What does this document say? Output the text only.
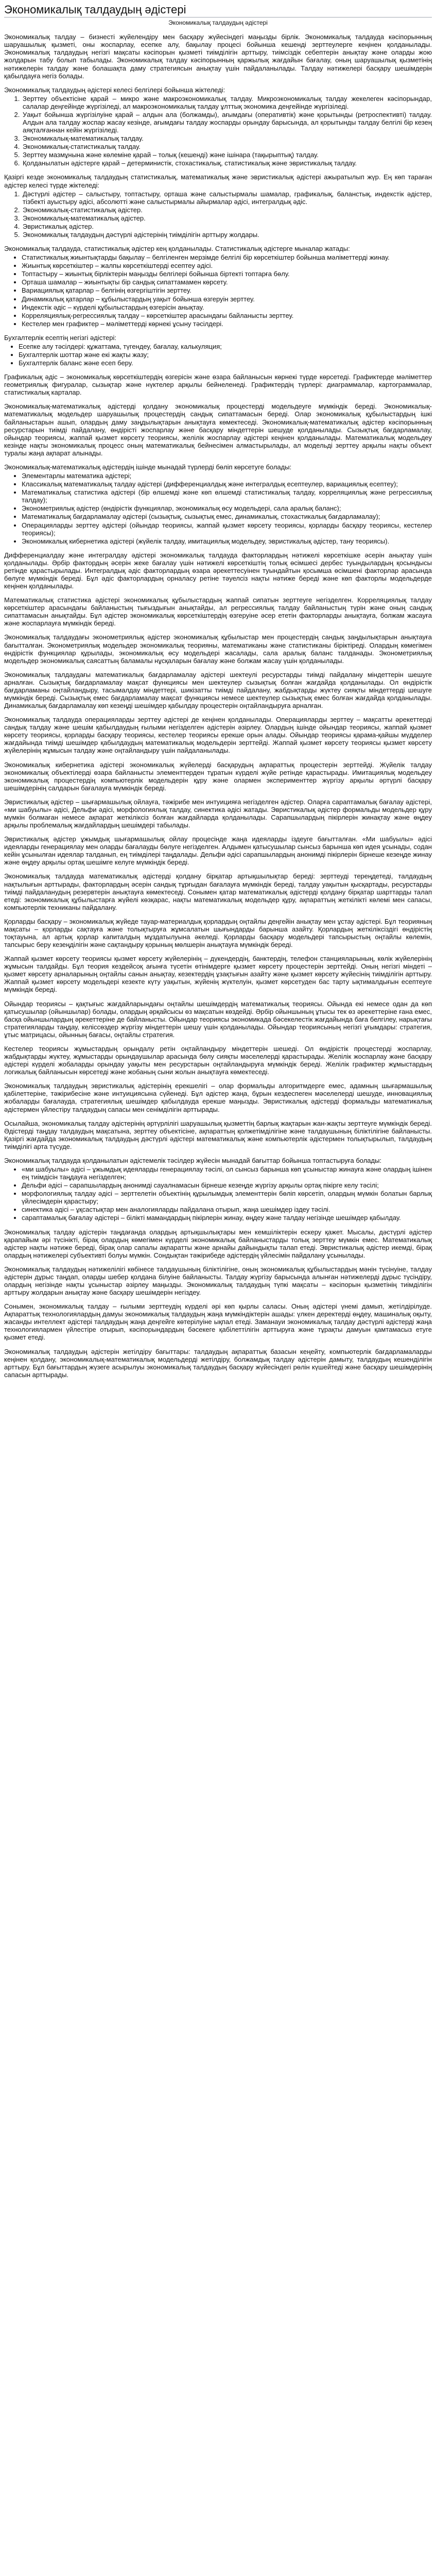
Экономикалық талдаудың әдістері
Экономикалық талдаудың әдістері

Экономикалық талдау – бизнесті жүйелендіру мен басқару жүйесіндегі маңызды бірлік. Экономикалық талдауда кәсіпорынның шаруашылық қызметі, оны жоспарлау, есепке алу, бақылау процесі бойынша кешенді зерттеулерге кеңінен қолданылады. Экономикалық талдаудың негізгі мақсаты кәсіпорын қызметі тиімділігін арттыру, тиімсіздік себептерін анықтау және оларды жою жолдарын табу болып табылады. Экономикалық талдау кәсіпорынның қаржылық жағдайын бағалау, оның шаруашылық қызметінің нәтижелерін талдау және болашақта даму стратегиясын анықтау үшін пайдаланылады. Талдау нәтижелері басқару шешімдерін қабылдауға негіз болады.

Экономикалық талдаудың әдістері келесі белгілері бойынша жіктеледі:

1. Зерттеу объектісіне қарай – микро және макроэкономикалық талдау. Микроэкономикалық талдау жекелеген кәсіпорындар, салалар деңгейінде жүргізіледі, ал макроэкономикалық талдау ұлттық экономика деңгейінде жүргізіледі.
2. Уақыт бойынша жүргізілуіне қарай – алдын ала (болжамды), ағымдағы (оперативтік) және қорытынды (ретроспективті) талдау. Алдын ала талдау жоспар жасау кезінде, ағымдағы талдау жоспарды орындау барысында, ал қорытынды талдау белгілі бір кезең аяқталғаннан кейін жүргізіледі.
3. Экономикалық-математикалық талдау.
4. Экономикалық-статистикалық талдау.
5. Зерттеу мазмұнына және көлеміне қарай – толық (кешенді) және ішінара (тақырыптық) талдау.
6. Қолданылатын әдістерге қарай – детерминистік, стохастикалық, статистикалық және эвристикалық талдау.

Қазіргі кезде экономикалық талдаудың статистикалық, математикалық және эвристикалық әдістері ажыратылып жүр. Ең көп тараған әдістер келесі түрде жіктеледі:

1. Дәстүрлі әдістер – салыстыру, топтастыру, орташа және салыстырмалы шамалар, графикалық, баланстық, индекстік әдістер, тізбекті ауыстыру әдісі, абсолютті және салыстырмалы айырмалар әдісі, интегралдық әдіс.
2. Экономикалық-статистикалық әдістер.
3. Экономикалық-математикалық әдістер.
4. Эвристикалық әдістер.
5. Экономикалық талдаудың дәстүрлі әдістерінің тиімділігін арттыру жолдары.

Экономикалық талдауда, статистикалық әдістер кең қолданылады. Статистикалық әдістерге мыналар жатады:

• Статистикалық жиынтықтарды бақылау – белгіленген мерзімде белгілі бір көрсеткіштер бойынша мәліметтерді жинау.
• Жиынтық көрсеткіштер – жалпы көрсеткіштерді есептеу әдісі.
• Топтастыру – жиынтық бірліктерін маңызды белгілері бойынша біртекті топтарға бөлу.
• Орташа шамалар – жиынтықты бір сандық сипаттамамен көрсету.
• Вариациялық қатарлар – белгінің өзгергіштігін зерттеу.
• Динамикалық қатарлар – құбылыстардың уақыт бойынша өзгеруін зерттеу.
• Индекстік әдіс – күрделі құбылыстардың өзгерісін анықтау.
• Корреляциялық-регрессиялық талдау – көрсеткіштер арасындағы байланысты зерттеу.
• Кестелер мен графиктер – мәліметтерді көрнекі ұсыну тәсілдері.

Бухгалтерлік есептің негізгі әдістері:

• Есепке алу тәсілдері: құжаттама, түгендеу, бағалау, калькуляция;
• Бухгалтерлік шоттар және екі жақты жазу;
• Бухгалтерлік баланс және есеп беру.

Графикалық әдіс – экономикалық көрсеткіштердің өзгерісін және өзара байланысын көрнекі түрде көрсетеді. Графиктерде мәліметтер геометриялық фигуралар, сызықтар және нүктелер арқылы бейнеленеді. Графиктердің түрлері: диаграммалар, картограммалар, статистикалық карталар.

Экономикалық-математикалық әдістерді қолдану экономикалық процестерді модельдеуге мүмкіндік береді. Экономикалық-математикалық модельдер шаруашылық процестердің сандық сипаттамасын береді. Олар экономикалық құбылыстардың ішкі байланыстарын ашып, олардың даму заңдылықтарын анықтауға көмектеседі. Экономикалық-математикалық әдістер кәсіпорынның ресурстарын тиімді пайдалану, өндірісті жоспарлау және басқару міндеттерін шешуде қолданылады. Сызықтық бағдарламалау, ойындар теориясы, жаппай қызмет көрсету теориясы, желілік жоспарлау әдістері кеңінен қолданылады. Математикалық модельдеу кезінде нақты экономикалық процесс оның математикалық бейнесімен алмастырылады, ал модельді зерттеу арқылы нақты объект туралы жаңа ақпарат алынады.

Экономикалық-математикалық әдістердің ішінде мынадай түрлерді бөліп көрсетуге болады:

• Элементарлы математика әдістері;
• Классикалық математикалық талдау әдістері (дифференциалдық және интегралдық есептеулер, вариациялық есептеу);
• Математикалық статистика әдістері (бір өлшемді және көп өлшемді статистикалық талдау, корреляциялық және регрессиялық талдау);
• Эконометриялық әдістер (өндірістік функциялар, экономикалық өсу модельдері, сала аралық баланс);
• Математикалық бағдарламалау әдістері (сызықтық, сызықтық емес, динамикалық, стохастикалық бағдарламалау);
• Операцияларды зерттеу әдістері (ойындар теориясы, жаппай қызмет көрсету теориясы, қорларды басқару теориясы, кестелер теориясы);
• Экономикалық кибернетика әдістері (жүйелік талдау, имитациялық модельдеу, эвристикалық әдістер, тану теориясы).

Дифференциалдау және интегралдау әдістері экономикалық талдауда факторлардың нәтижелі көрсеткішке әсерін анықтау үшін қолданылады. Әрбір фактордың әсерін жеке бағалау үшін нәтижелі көрсеткіштің толық өсімшесі дербес туындылардың қосындысы ретінде қарастырылады. Интегралдық әдіс факторлардың өзара әрекеттесуінен туындайтын қосымша өсімшені факторлар арасында бөлуге мүмкіндік береді. Бұл әдіс факторлардың орналасу ретіне тәуелсіз нақты нәтиже береді және көп факторлы модельдерде кеңінен қолданылады.

Математикалық статистика әдістері экономикалық құбылыстардың жаппай сипатын зерттеуге негізделген. Корреляциялық талдау көрсеткіштер арасындағы байланыстың тығыздығын анықтайды, ал регрессиялық талдау байланыстың түрін және оның сандық сипаттамасын анықтайды. Бұл әдістер экономикалық көрсеткіштердің өзгеруіне әсер ететін факторларды анықтауға, болжам жасауға және жоспарлауға мүмкіндік береді.

Экономикалық талдаудағы эконометриялық әдістер экономикалық құбылыстар мен процестердің сандық заңдылықтарын анықтауға бағытталған. Эконометриялық модельдер экономикалық теорияны, математиканы және статистиканы біріктіреді. Олардың көмегімен өндірістік функциялар құрылады, экономикалық өсу модельдері жасалады, сала аралық баланс талданады. Эконометриялық модельдер экономикалық саясаттың баламалы нұсқаларын бағалау және болжам жасау үшін қолданылады.

Экономикалық талдаудағы математикалық бағдарламалау әдістері шектеулі ресурстарды тиімді пайдалану міндеттерін шешуге арналған. Сызықтық бағдарламалау мақсат функциясы мен шектеулер сызықтық болған жағдайда қолданылады. Ол өндірістік бағдарламаны оңтайландыру, тасымалдау міндеттері, шикізатты тиімді пайдалану, жабдықтарды жүктеу сияқты міндеттерді шешуге мүмкіндік береді. Сызықтық емес бағдарламалау мақсат функциясы немесе шектеулер сызықтық емес болған жағдайда қолданылады. Динамикалық бағдарламалау көп кезеңді шешімдер қабылдау процестерін оңтайландыруға арналған.

Экономикалық талдауда операцияларды зерттеу әдістері де кеңінен қолданылады. Операцияларды зерттеу – мақсатты әрекеттерді сандық талдау және шешім қабылдаудың ғылыми негізделген әдістерін әзірлеу. Олардың ішінде ойындар теориясы, жаппай қызмет көрсету теориясы, қорларды басқару теориясы, кестелер теориясы ерекше орын алады. Ойындар теориясы қарама-қайшы мүдделер жағдайында тиімді шешімдер қабылдаудың математикалық модельдерін зерттейді. Жаппай қызмет көрсету теориясы қызмет көрсету жүйелерінің жұмысын талдау және оңтайландыру үшін пайдаланылады.

Экономикалық кибернетика әдістері экономикалық жүйелерді басқарудың ақпараттық процестерін зерттейді. Жүйелік талдау экономикалық объектілерді өзара байланысты элементтерден тұратын күрделі жүйе ретінде қарастырады. Имитациялық модельдеу экономикалық процестердің компьютерлік модельдерін құру және олармен эксперименттер жүргізу арқылы әртүрлі басқару шешімдерінің салдарын бағалауға мүмкіндік береді.

Эвристикалық әдістер – шығармашылық ойлауға, тәжірибе мен интуицияға негізделген әдістер. Оларға сараптамалық бағалау әдістері, «ми шабуылы» әдісі, Дельфи әдісі, морфологиялық талдау, синектика әдісі жатады. Эвристикалық әдістер формальды модельдер құру мүмкін болмаған немесе ақпарат жеткіліксіз болған жағдайларда қолданылады. Сарапшылардың пікірлерін жинақтау және өңдеу арқылы проблемалық жағдайлардың шешімдері табылады.

Эвристикалық әдістер ұжымдық шығармашылық ойлау процесінде жаңа идеяларды іздеуге бағытталған. «Ми шабуылы» әдісі идеяларды генерациялау мен оларды бағалауды бөлуге негізделген. Алдымен қатысушылар сынсыз барынша көп идея ұсынады, содан кейін ұсынылған идеялар талданып, ең тиімділері таңдалады. Дельфи әдісі сарапшылардың анонимді пікірлерін бірнеше кезеңде жинау және өңдеу арқылы ортақ шешімге келуге мүмкіндік береді.

Экономикалық талдауда математикалық әдістерді қолдану бірқатар артықшылықтар береді: зерттеуді тереңдетеді, талдаудың нақтылығын арттырады, факторлардың әсерін сандық тұрғыдан бағалауға мүмкіндік береді, талдау уақытын қысқартады, ресурстарды тиімді пайдаланудың резервтерін анықтауға көмектеседі. Сонымен қатар математикалық әдістерді қолдану бірқатар шарттарды талап етеді: экономикалық құбылыстарға жүйелі көзқарас, нақты математикалық модельдер құру, ақпараттың жеткілікті көлемі мен сапасы, компьютерлік техниканы пайдалану.

Қорларды басқару – экономикалық жүйеде тауар-материалдық қорлардың оңтайлы деңгейін анықтау мен ұстау әдістері. Бұл теорияның мақсаты – қорларды сақтауға және толықтыруға жұмсалатын шығындарды барынша азайту. Қорлардың жеткіліксіздігі өндірістің тоқтауына, ал артық қорлар капиталдың мұздатылуына әкеледі. Қорларды басқару модельдері тапсырыстың оңтайлы көлемін, тапсырыс беру кезеңділігін және сақтандыру қорының мөлшерін анықтауға мүмкіндік береді.

Жаппай қызмет көрсету теориясы қызмет көрсету жүйелерінің – дүкендердің, банктердің, телефон станцияларының, көлік жүйелерінің жұмысын талдайды. Бұл теория кездейсоқ ағынға түсетін өтінімдерге қызмет көрсету процестерін зерттейді. Оның негізгі міндеті – қызмет көрсету арналарының оңтайлы санын анықтау, кезектердің ұзақтығын азайту және қызмет көрсету жүйесінің тиімділігін арттыру. Жаппай қызмет көрсету модельдері кезекте күту уақытын, жүйенің жүктелуін, қызмет көрсетуден бас тарту ықтималдығын есептеуге мүмкіндік береді.

Ойындар теориясы – қақтығыс жағдайларындағы оңтайлы шешімдердің математикалық теориясы. Ойында екі немесе одан да көп қатысушылар (ойыншылар) болады, олардың әрқайсысы өз мақсатын көздейді. Әрбір ойыншының ұтысы тек өз әрекеттеріне ғана емес, басқа ойыншылардың әрекеттеріне де байланысты. Ойындар теориясы экономикада бәсекелестік жағдайында баға белгілеу, нарықтағы стратегияларды таңдау, келіссөздер жүргізу міндеттерін шешу үшін қолданылады. Ойындар теориясының негізгі ұғымдары: стратегия, ұтыс матрицасы, ойынның бағасы, оңтайлы стратегия.

Кестелер теориясы жұмыстардың орындалу ретін оңтайландыру міндеттерін шешеді. Ол өндірістік процестерді жоспарлау, жабдықтарды жүктеу, жұмыстарды орындаушылар арасында бөлу сияқты мәселелерді қарастырады. Желілік жоспарлау және басқару әдістері күрделі жобаларды орындау уақыты мен ресурстарын оңтайландыруға мүмкіндік береді. Желілік графиктер жұмыстардың логикалық байланысын көрсетеді және жобаның сыни жолын анықтауға көмектеседі.

Экономикалық талдаудың эвристикалық әдістерінің ерекшелігі – олар формальды алгоритмдерге емес, адамның шығармашылық қабілеттеріне, тәжірибесіне және интуициясына сүйенеді. Бұл әдістер жаңа, бұрын кездеспеген мәселелерді шешуде, инновациялық жобаларды бағалауда, стратегиялық шешімдер қабылдауда ерекше маңызды. Эвристикалық әдістерді формальды математикалық әдістермен үйлестіру талдаудың сапасы мен сенімділігін арттырады.

Осылайша, экономикалық талдау әдістерінің әртүрлілігі шаруашылық қызметтің барлық жақтарын жан-жақты зерттеуге мүмкіндік береді. Әдістерді таңдау талдаудың мақсатына, зерттеу объектісіне, ақпараттың қолжетімділігіне және талдаушының біліктілігіне байланысты. Қазіргі жағдайда экономикалық талдаудың дәстүрлі әдістері математикалық және компьютерлік әдістермен толықтырылып, талдаудың тиімділігі арта түсуде.

Экономикалық талдауда қолданылатын әдістемелік тәсілдер жүйесін мынадай бағыттар бойынша топтастыруға болады:

• «ми шабуылы» әдісі – ұжымдық идеяларды генерациялау тәсілі, ол сынсыз барынша көп ұсыныстар жинауға және олардың ішінен ең тиімдісін таңдауға негізделген;
• Дельфи әдісі – сарапшылардың анонимді сауалнамасын бірнеше кезеңде жүргізу арқылы ортақ пікірге келу тәсілі;
• морфологиялық талдау әдісі – зерттелетін объектінің құрылымдық элементтерін бөліп көрсетіп, олардың мүмкін болатын барлық үйлесімдерін қарастыру;
• синектика әдісі – ұқсастықтар мен аналогияларды пайдалана отырып, жаңа шешімдер іздеу тәсілі.
• сараптамалық бағалау әдістері – білікті мамандардың пікірлерін жинау, өңдеу және талдау негізінде шешімдер қабылдау.

Экономикалық талдау әдістерін таңдағанда олардың артықшылықтары мен кемшіліктерін ескеру қажет. Мысалы, дәстүрлі әдістер қарапайым әрі түсінікті, бірақ олардың көмегімен күрделі экономикалық байланыстарды толық зерттеу мүмкін емес. Математикалық әдістер нақты нәтиже береді, бірақ олар сапалы ақпаратты және арнайы дайындықты талап етеді. Эвристикалық әдістер икемді, бірақ олардың нәтижелері субъективті болуы мүмкін. Сондықтан тәжірибеде әдістердің үйлесімін пайдалану ұсынылады.

Экономикалық талдаудың нәтижелілігі көбінесе талдаушының біліктілігіне, оның экономикалық құбылыстардың мәнін түсінуіне, талдау әдістерін дұрыс таңдап, оларды шебер қолдана білуіне байланысты. Талдау жүргізу барысында алынған нәтижелерді дұрыс түсіндіру, олардың негізінде нақты ұсыныстар әзірлеу маңызды. Экономикалық талдаудың түпкі мақсаты – кәсіпорын қызметінің тиімділігін арттыру жолдарын анықтау және басқару шешімдерін негіздеу.

Сонымен, экономикалық талдау – ғылыми зерттеудің күрделі әрі көп қырлы саласы. Оның әдістері үнемі дамып, жетілдірілуде. Ақпараттық технологиялардың дамуы экономикалық талдаудың жаңа мүмкіндіктерін ашады: үлкен деректерді өңдеу, машиналық оқыту, жасанды интеллект әдістері талдаудың жаңа деңгейге көтерілуіне ықпал етеді. Заманауи экономикалық талдау дәстүрлі әдістерді жаңа технологиялармен үйлестіре отырып, кәсіпорындардың бәсекеге қабілеттілігін арттыруға және тұрақты дамуын қамтамасыз етуге қызмет етеді.

Экономикалық талдаудың әдістерін жетілдіру бағыттары: талдаудың ақпараттық базасын кеңейту, компьютерлік бағдарламаларды кеңінен қолдану, экономикалық-математикалық модельдерді жетілдіру, болжамдық талдау әдістерін дамыту, талдаудың кешенділігін арттыру. Бұл бағыттардың жүзеге асырылуы экономикалық талдаудың басқару жүйесіндегі рөлін күшейтеді және басқару шешімдерінің сапасын арттырады.
